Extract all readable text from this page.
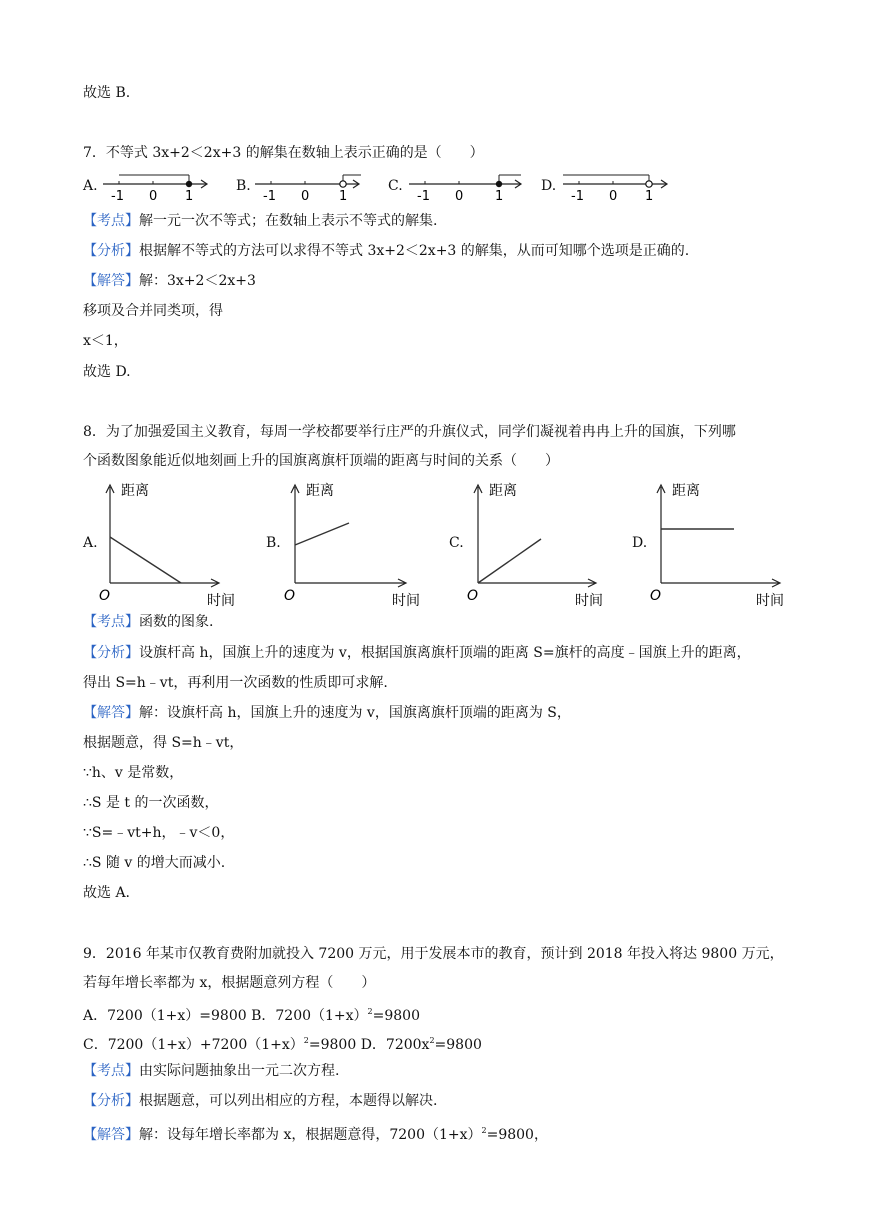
故选 B.
7．不等式 3x+2＜2x+3 的解集在数轴上表示正确的是（　　）
A.
-1 0 1
B.
-1 0 1
C.
-1 0 1
D.
-1 0 1
【考点】解一元一次不等式；在数轴上表示不等式的解集.
【分析】根据解不等式的方法可以求得不等式 3x+2＜2x+3 的解集，从而可知哪个选项是正确的.
【解答】解：3x+2＜2x+3
移项及合并同类项，得
x＜1，
故选 D.
8．为了加强爱国主义教育，每周一学校都要举行庄严的升旗仪式，同学们凝视着冉冉上升的国旗，下列哪
个函数图象能近似地刻画上升的国旗离旗杆顶端的距离与时间的关系（　　）
A.
距离
O	时间
B.
距离
O	时间
C.
距离
O	时间
D.
距离
O	时间
【考点】函数的图象.
【分析】设旗杆高 h，国旗上升的速度为 v，根据国旗离旗杆顶端的距离 S=旗杆的高度﹣国旗上升的距离，
得出 S=h﹣vt，再利用一次函数的性质即可求解.
【解答】解：设旗杆高 h，国旗上升的速度为 v，国旗离旗杆顶端的距离为 S，
根据题意，得 S=h﹣vt，
∵h、v 是常数，
∴S 是 t 的一次函数，
∵S=﹣vt+h，﹣v＜0，
∴S 随 v 的增大而减小.
故选 A.
9．2016 年某市仅教育费附加就投入 7200 万元，用于发展本市的教育，预计到 2018 年投入将达 9800 万元，
若每年增长率都为 x，根据题意列方程（　　）
A．7200（1+x）=9800 B．$7200(1+x)^2=9800$
C．$7200(1+x)+7200(1+x)^2=9800$ D．$7200x^2=9800$
【考点】由实际问题抽象出一元二次方程.
【分析】根据题意，可以列出相应的方程，本题得以解决.
【解答】解：设每年增长率都为 x，根据题意得，$7200(1+x)^2=9800$，
